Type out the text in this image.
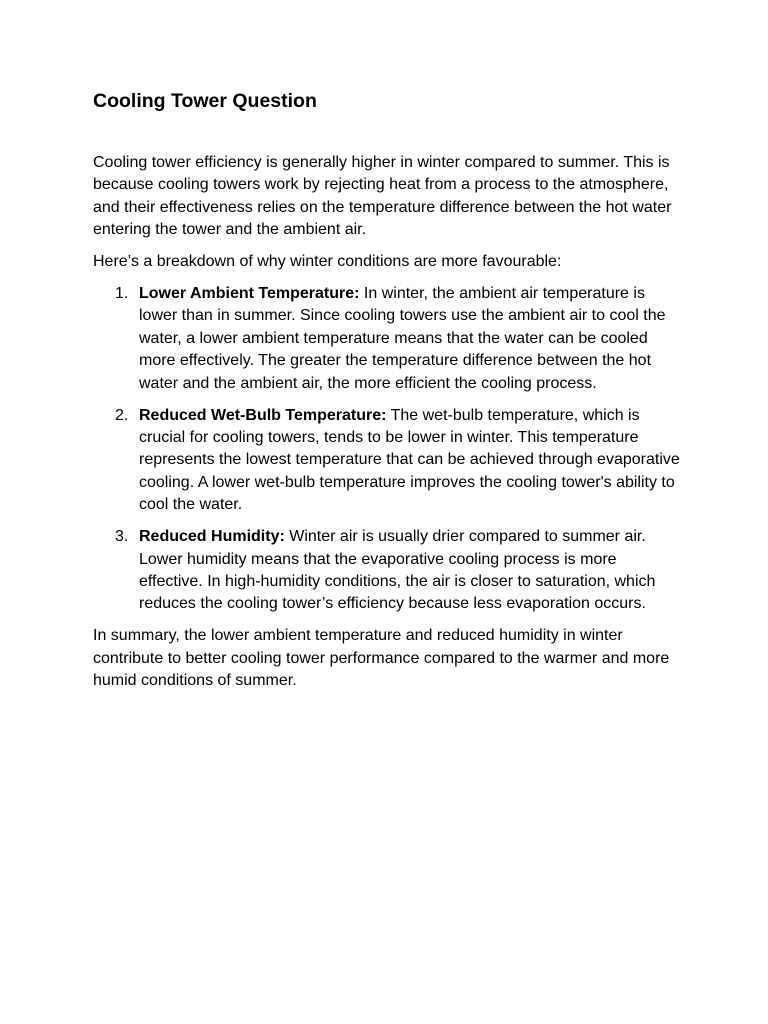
Cooling Tower Question

Cooling tower efficiency is generally higher in winter compared to summer. This is because cooling towers work by rejecting heat from a process to the atmosphere, and their effectiveness relies on the temperature difference between the hot water entering the tower and the ambient air.

Here’s a breakdown of why winter conditions are more favourable:

1. Lower Ambient Temperature: In winter, the ambient air temperature is lower than in summer. Since cooling towers use the ambient air to cool the water, a lower ambient temperature means that the water can be cooled more effectively. The greater the temperature difference between the hot water and the ambient air, the more efficient the cooling process.
2. Reduced Wet-Bulb Temperature: The wet-bulb temperature, which is crucial for cooling towers, tends to be lower in winter. This temperature represents the lowest temperature that can be achieved through evaporative cooling. A lower wet-bulb temperature improves the cooling tower's ability to cool the water.
3. Reduced Humidity: Winter air is usually drier compared to summer air. Lower humidity means that the evaporative cooling process is more effective. In high-humidity conditions, the air is closer to saturation, which reduces the cooling tower’s efficiency because less evaporation occurs.

In summary, the lower ambient temperature and reduced humidity in winter contribute to better cooling tower performance compared to the warmer and more humid conditions of summer.
